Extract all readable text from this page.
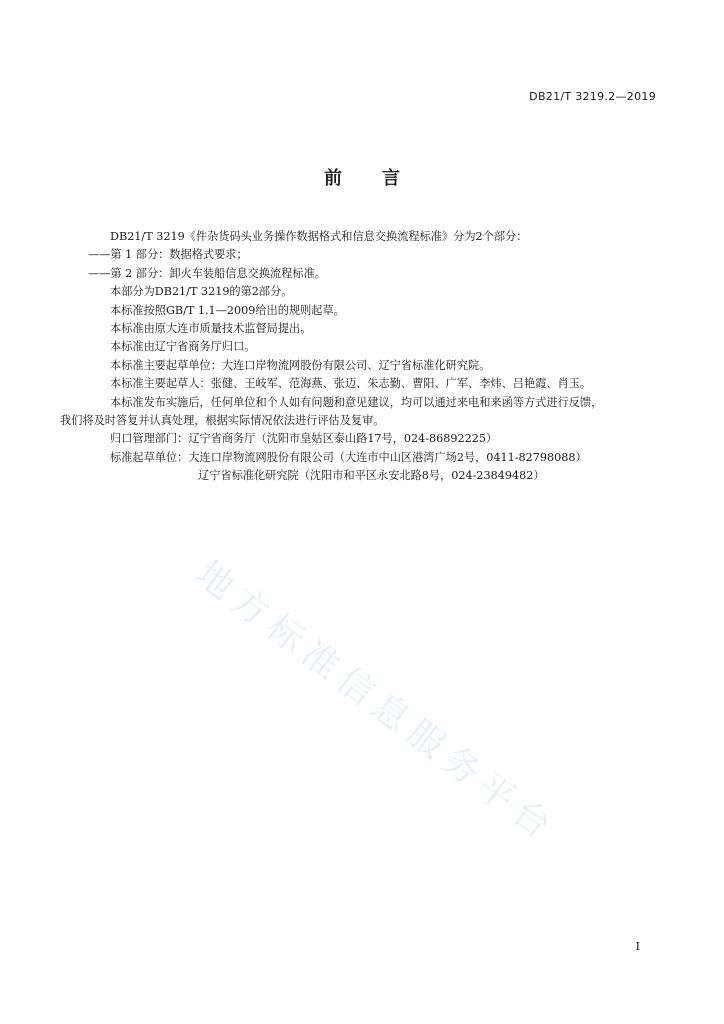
DB21/T 3219.2—2019
前 言

DB21/T 3219《件杂货码头业务操作数据格式和信息交换流程标准》分为2个部分：

——第 1 部分：数据格式要求；

——第 2 部分：卸火车装船信息交换流程标准。

本部分为DB21/T 3219的第2部分。

本标准按照GB/T 1.1—2009给出的规则起草。

本标准由原大连市质量技术监督局提出。

本标准由辽宁省商务厅归口。

本标准主要起草单位：大连口岸物流网股份有限公司、辽宁省标准化研究院。

本标准主要起草人：张健、王岐军、范海燕、张迈、朱志勤、曹阳、广军、李炜、吕艳霞、肖玉。

本标准发布实施后，任何单位和个人如有问题和意见建议，均可以通过来电和来函等方式进行反馈，

我们将及时答复并认真处理，根据实际情况依法进行评估及复审。

归口管理部门：辽宁省商务厅（沈阳市皇姑区泰山路17号，024-86892225）

标准起草单位：大连口岸物流网股份有限公司（大连市中山区港湾广场2号，0411-82798088）

辽宁省标准化研究院（沈阳市和平区永安北路8号，024-23849482）

地方标准信息服务平台
I
